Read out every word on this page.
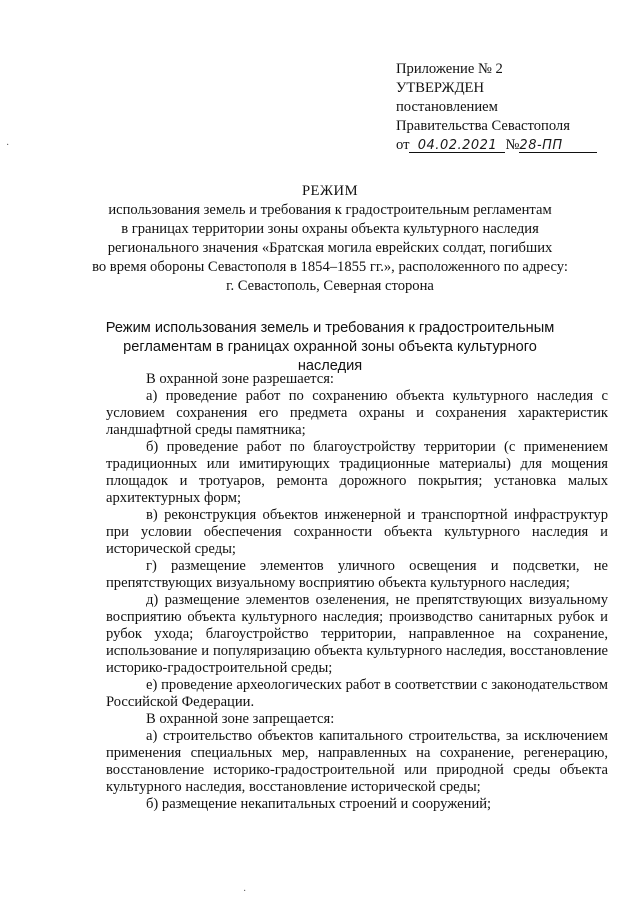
Приложение № 2
УТВЕРЖДЕН
постановлением
Правительства Севастополя
от 04.02.2021 №28-ПП
РЕЖИМ
использования земель и требования к градостроительным регламентам
в границах территории зоны охраны объекта культурного наследия
регионального значения «Братская могила еврейских солдат, погибших
во время обороны Севастополя в 1854–1855 гг.», расположенного по адресу:
г. Севастополь, Северная сторона
Режим использования земель и требования к градостроительным
регламентам в границах охранной зоны объекта культурного наследия

В охранной зоне разрешается:

а) проведение работ по сохранению объекта культурного наследия с условием сохранения его предмета охраны и сохранения характеристик ландшафтной среды памятника;

б) проведение работ по благоустройству территории (с применением традиционных или имитирующих традиционные материалы) для мощения площадок и тротуаров, ремонта дорожного покрытия; установка малых архитектурных форм;

в) реконструкция объектов инженерной и транспортной инфраструктур при условии обеспечения сохранности объекта культурного наследия и исторической среды;

г) размещение элементов уличного освещения и подсветки, не препятствующих визуальному восприятию объекта культурного наследия;

д) размещение элементов озеленения, не препятствующих визуальному восприятию объекта культурного наследия; производство санитарных рубок и рубок ухода; благоустройство территории, направленное на сохранение, использование и популяризацию объекта культурного наследия, восстановление историко-градостроительной среды;

е) проведение археологических работ в соответствии с законодательством Российской Федерации.

В охранной зоне запрещается:

а) строительство объектов капитального строительства, за исключением применения специальных мер, направленных на сохранение, регенерацию, восстановление историко-градостроительной или природной среды объекта культурного наследия, восстановление исторической среды;

б) размещение некапитальных строений и сооружений;

·
·
